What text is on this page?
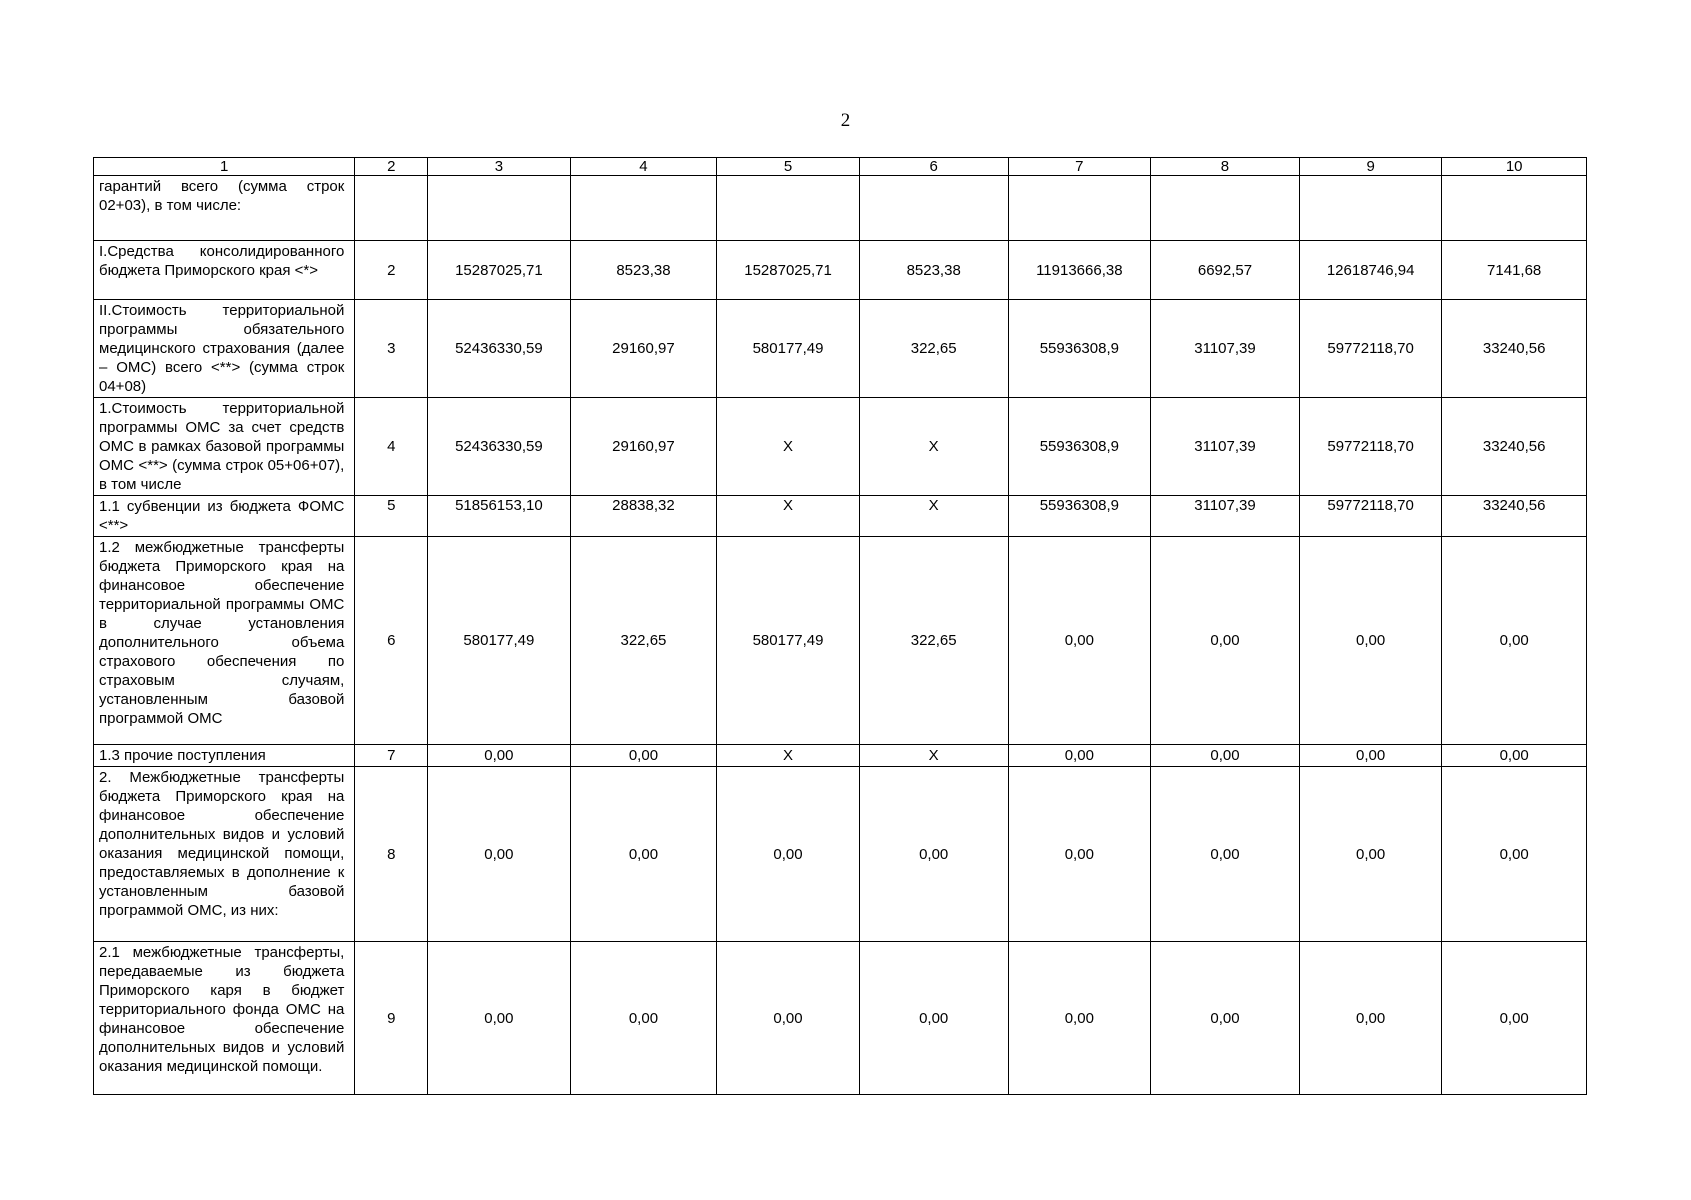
2
1	2	3	4	5	6	7	8	9	10
гарантий всего (сумма строк 02+03), в том числе:									
I.Средства консолидированного бюджета Приморского края <*>	2	15287025,71	8523,38	15287025,71	8523,38	11913666,38	6692,57	12618746,94	7141,68
II.Стоимость территориальной программы обязательного медицинского страхования (далее – ОМС) всего <**> (сумма строк 04+08)	3	52436330,59	29160,97	580177,49	322,65	55936308,9	31107,39	59772118,70	33240,56
1.Стоимость территориальной программы ОМС за счет средств ОМС в рамках базовой программы ОМС <**> (сумма строк 05+06+07), в том числе	4	52436330,59	29160,97	X	X	55936308,9	31107,39	59772118,70	33240,56
1.1 субвенции из бюджета ФОМС <**>	5	51856153,10	28838,32	X	X	55936308,9	31107,39	59772118,70	33240,56
1.2 межбюджетные трансферты бюджета Приморского края на финансовое обеспечение территориальной программы ОМС в случае установления дополнительного объема страхового обеспечения по страховым случаям, установленным базовой программой ОМС	6	580177,49	322,65	580177,49	322,65	0,00	0,00	0,00	0,00
1.3 прочие поступления	7	0,00	0,00	X	X	0,00	0,00	0,00	0,00
2. Межбюджетные трансферты бюджета Приморского края на финансовое обеспечение дополнительных видов и условий оказания медицинской помощи, предоставляемых в дополнение к установленным базовой программой ОМС, из них:	8	0,00	0,00	0,00	0,00	0,00	0,00	0,00	0,00
2.1 межбюджетные трансферты, передаваемые из бюджета Приморского каря в бюджет территориального фонда ОМС на финансовое обеспечение дополнительных видов и условий оказания медицинской помощи.	9	0,00	0,00	0,00	0,00	0,00	0,00	0,00	0,00
